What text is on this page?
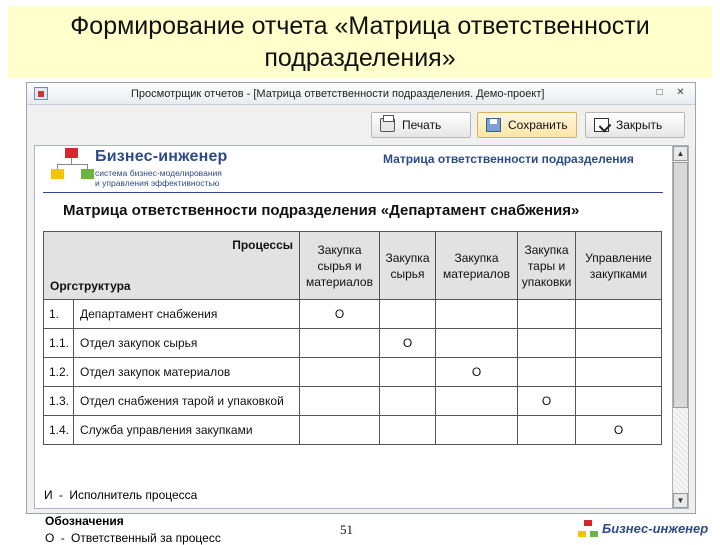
Формирование отчета «Матрица ответственности
подразделения»
Просмотрщик отчетов - [Матрица ответственности подразделения. Демо-проект]	□ ✕
Печать	Сохранить	Закрыть
Бизнес-инженер
система бизнес-моделирования
и управления эффективностью
Матрица ответственности подразделения
Матрица ответственности подразделения «Департамент снабжения»
Процессы
Оргструктура		Закупка сырья и материалов	Закупка сырья	Закупка материалов	Закупка тары и упаковки	Управление закупками
1.	Департамент снабжения	О				
1.1.	Отдел закупок сырья		О			
1.2.	Отдел закупок материалов			О		
1.3.	Отдел снабжения тарой и упаковкой				О	
1.4.	Служба управления закупками					О
Обозначения
О - Ответственный за процесс
▲
▼
И - Исполнитель процесса
51	Бизнес-инженер
